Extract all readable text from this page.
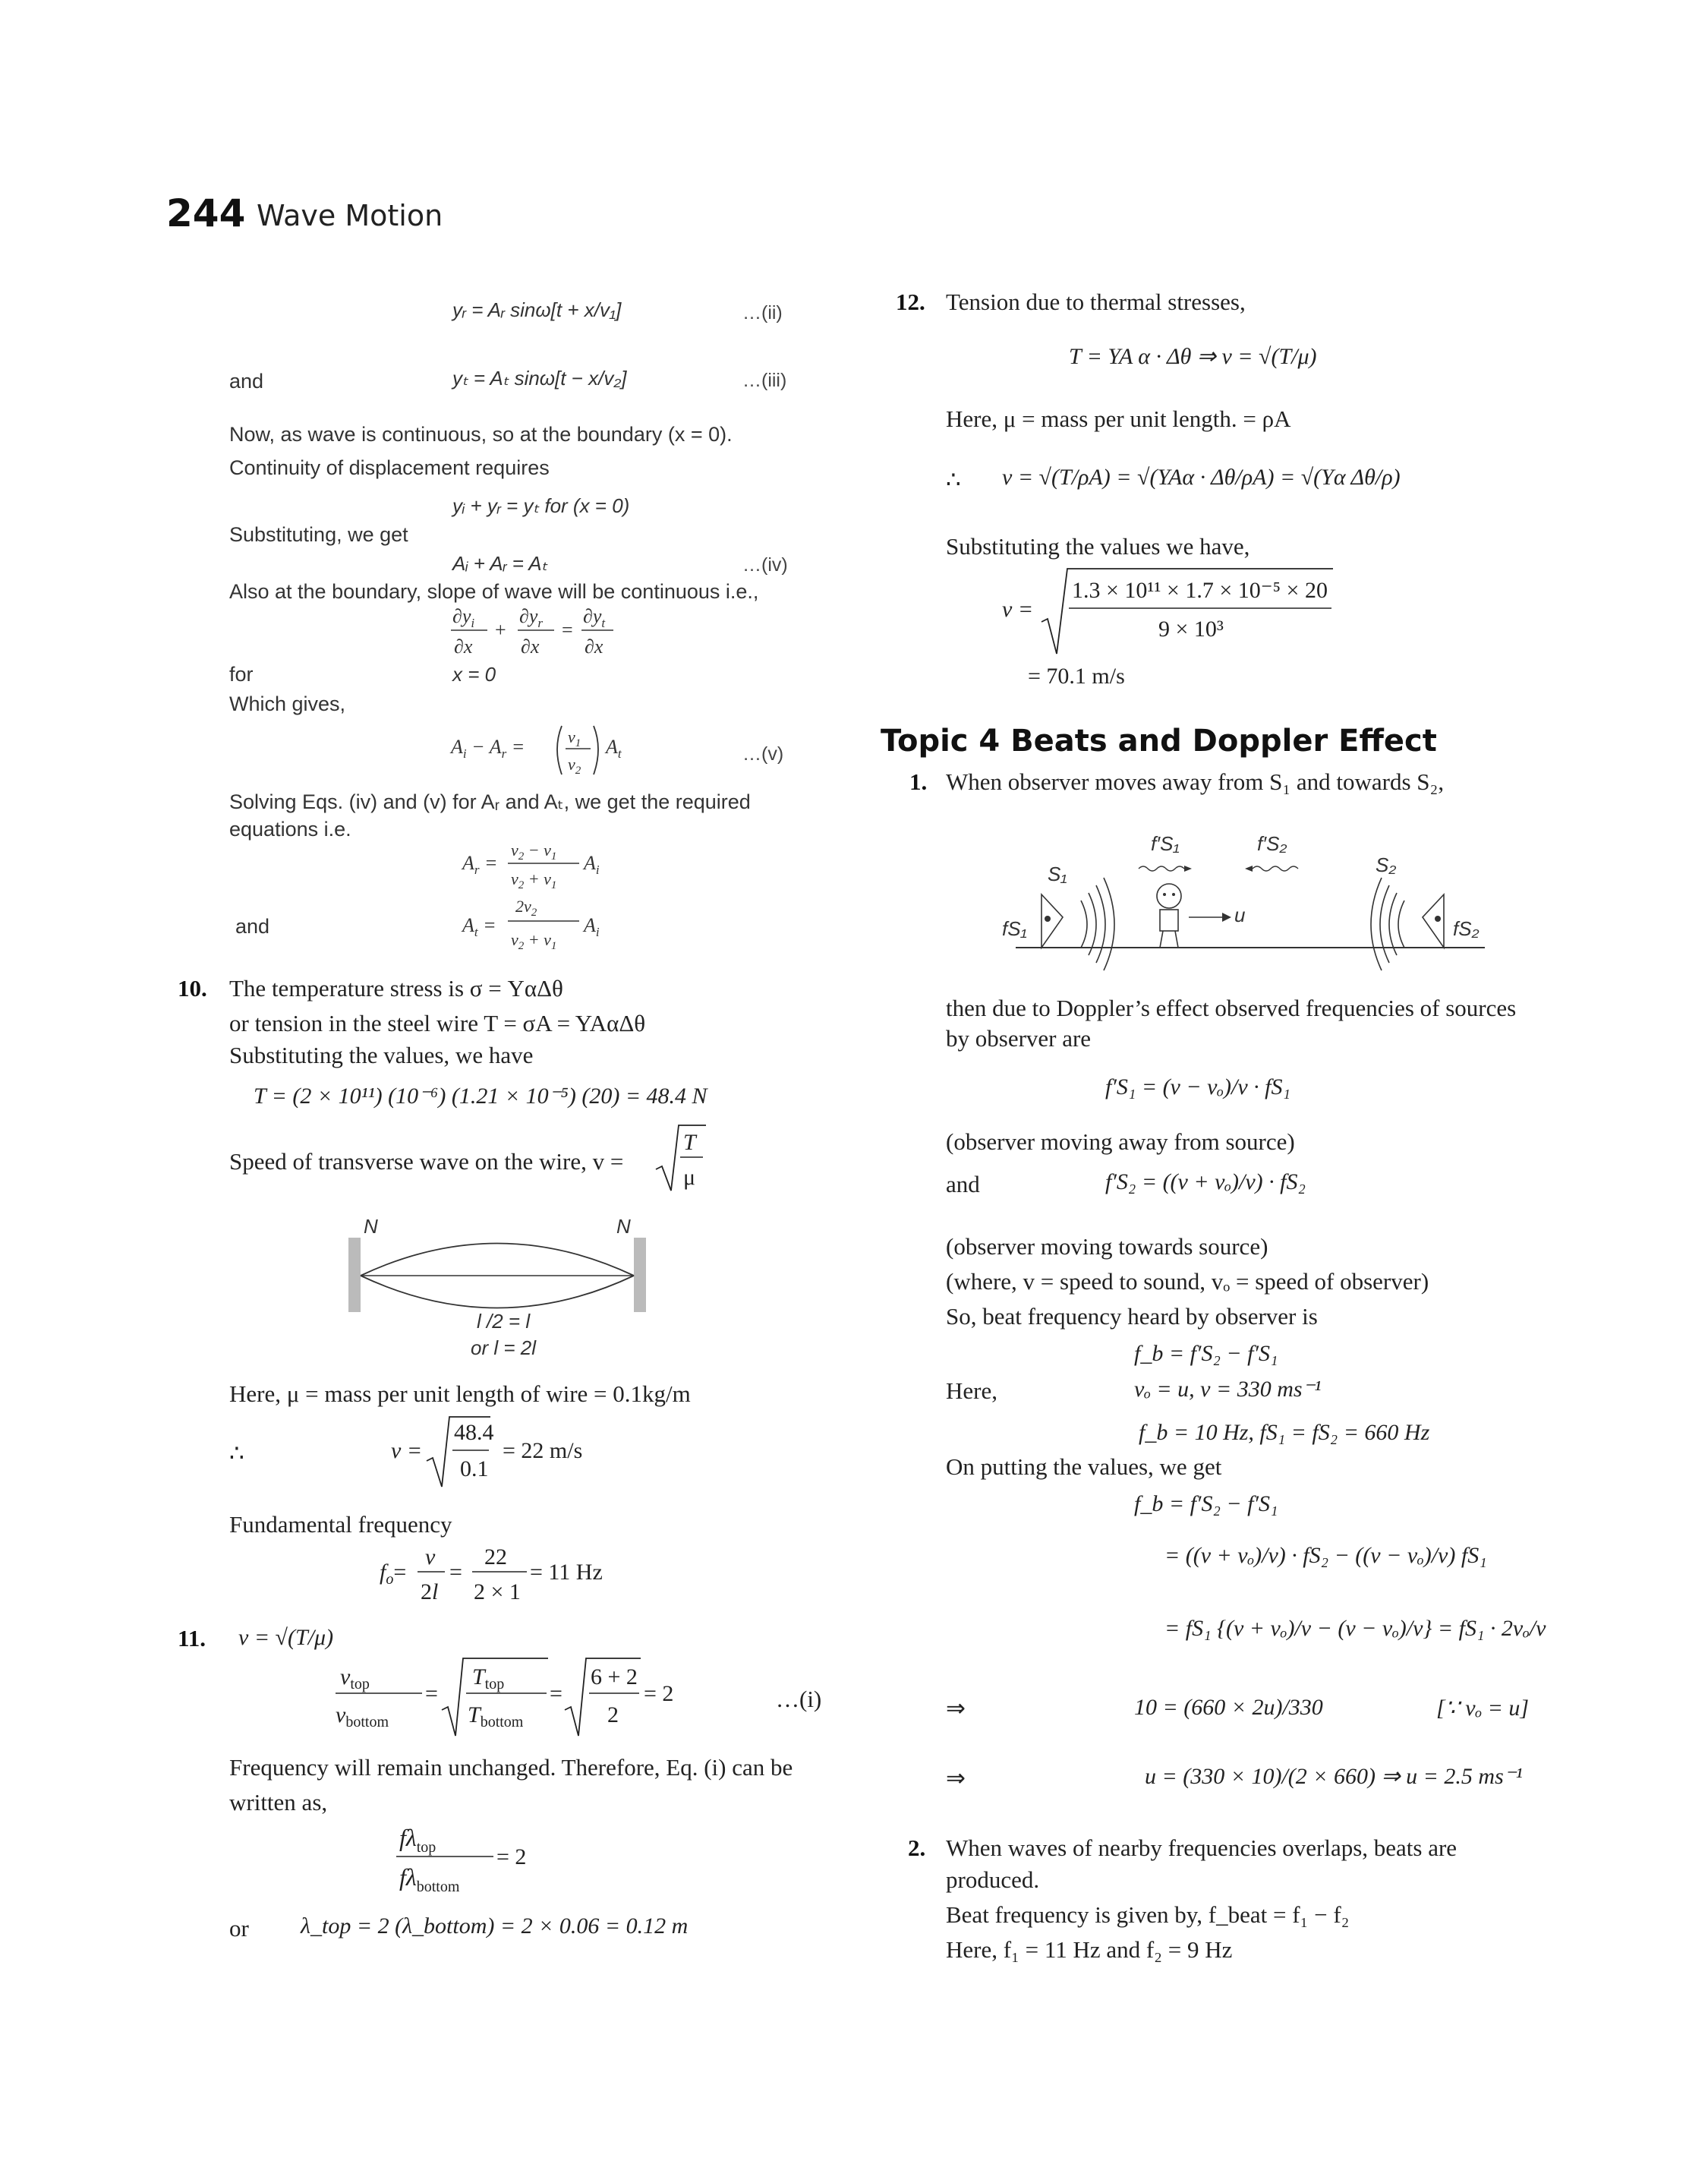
244 Wave Motion
yᵣ = Aᵣ sinω[t + x/v₁]	…(ii)
and	yₜ = Aₜ sinω[t − x/v₂]	…(iii)
Now, as wave is continuous, so at the boundary (x = 0).
Continuity of displacement requires
yᵢ + yᵣ = yₜ for (x = 0)
Substituting, we get
Aᵢ + Aᵣ = Aₜ	…(iv)
Also at the boundary, slope of wave will be continuous i.e.,
$\partial y_i$
∂x
+
$\partial y_r$
∂x
=
$\partial y_t$
∂x
for	x = 0
Which gives,
$A_i - A_r$ =	$v_1$
$v_2$
$A_t$	…(v)
Solving Eqs. (iv) and (v) for Aᵣ and Aₜ, we get the required
equations i.e.
$A_r$ =
$v_2 - v_1$
$v_2 + v_1$
$A_i$
$A_t$ =
$2v_2$
$v_2 + v_1$
$A_i$
and
10. The temperature stress is σ = YαΔθ
or tension in the steel wire T = σA = YAαΔθ
Substituting the values, we have
T = (2 × 10¹¹) (10⁻⁶) (1.21 × 10⁻⁵) (20) = 48.4 N
Speed of transverse wave on the wire, v =
T
μ
N	N
l /2 = l
or l = 2l
Here, μ = mass per unit length of wire = 0.1kg/m
∴	v =
48.4
0.1
= 22 m/s
Fundamental frequency
$f_o=$
v
2l
=
22
2 × 1
= 11 Hz
11. v = √(T/μ)
$v_{top}$
$v_{bottom}$
=
$T_{top}$
$T_{bottom}$
=
6 + 2
2
= 2	…(i)
Frequency will remain unchanged. Therefore, Eq. (i) can be
written as,
$f\lambda_{top}$
$f\lambda_{bottom}$
= 2
or λ_top = 2 (λ_bottom) = 2 × 0.06 = 0.12 m
12. Tension due to thermal stresses,
T = YA α · Δθ ⇒ v = √(T/μ)
Here, μ = mass per unit length. = ρA
∴ v = √(T/ρA) = √(YAα · Δθ/ρA) = √(Yα Δθ/ρ)
Substituting the values we have,
v =
1.3 × 10¹¹ × 1.7 × 10⁻⁵ × 20
9 × 10³
= 70.1 m/s
Topic 4 Beats and Doppler Effect
1. When observer moves away from S₁ and towards S₂,
S₁	S₂
f′S₁	f′S₂
fS₁	fS₂
u
then due to Doppler’s effect observed frequencies of sources
by observer are
f′S₁ = (v − vₒ)/v · fS₁
(observer moving away from source)
and	f′S₂ = ((v + vₒ)/v) · fS₂
(observer moving towards source)
(where, v = speed to sound, vₒ = speed of observer)
So, beat frequency heard by observer is
f_b = f′S₂ − f′S₁
Here,	vₒ = u, v = 330 ms⁻¹
f_b = 10 Hz, fS₁ = fS₂ = 660 Hz
On putting the values, we get
f_b = f′S₂ − f′S₁
= ((v + vₒ)/v) · fS₂ − ((v − vₒ)/v) fS₁
= fS₁ {(v + vₒ)/v − (v − vₒ)/v} = fS₁ · 2vₒ/v
⇒	10 = (660 × 2u)/330	[∵ vₒ = u]
⇒	u = (330 × 10)/(2 × 660) ⇒ u = 2.5 ms⁻¹
2. When waves of nearby frequencies overlaps, beats are
produced.
Beat frequency is given by, f_beat = f₁ − f₂
Here, f₁ = 11 Hz and f₂ = 9 Hz
